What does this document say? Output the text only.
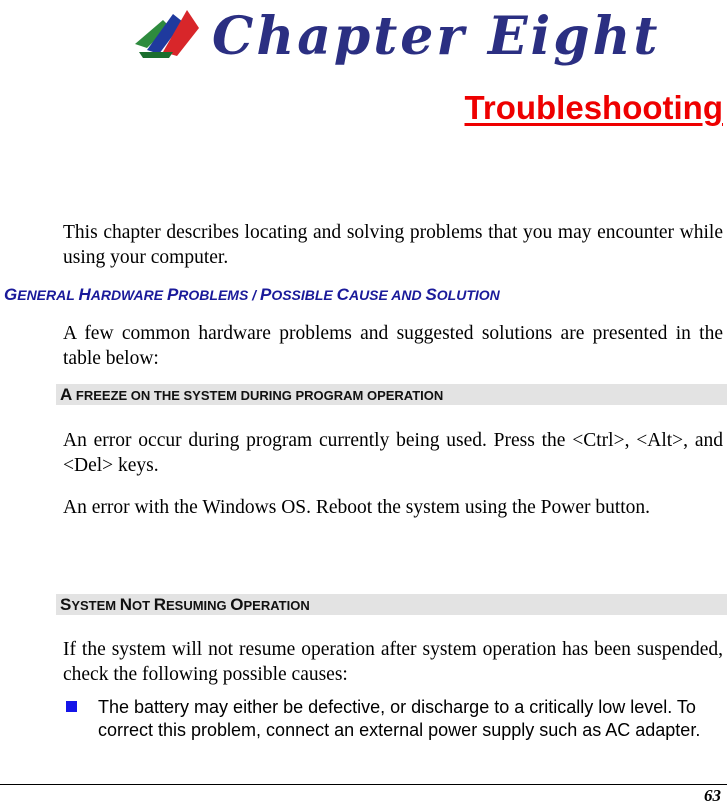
Chapter Eight
Troubleshooting
This chapter describes locating and solving problems that you may encounter while using your computer.
GENERAL HARDWARE PROBLEMS / POSSIBLE CAUSE AND SOLUTION
A few common hardware problems and suggested solutions are presented in the table below:
A FREEZE ON THE SYSTEM DURING PROGRAM OPERATION
An error occur during program currently being used. Press the <Ctrl>, <Alt>, and <Del> keys.
An error with the Windows OS. Reboot the system using the Power button.
SYSTEM NOT RESUMING OPERATION
If the system will not resume operation after system operation has been suspended, check the following possible causes:
The battery may either be defective, or discharge to a critically low level. To correct this problem, connect an external power supply such as AC adapter.
63
